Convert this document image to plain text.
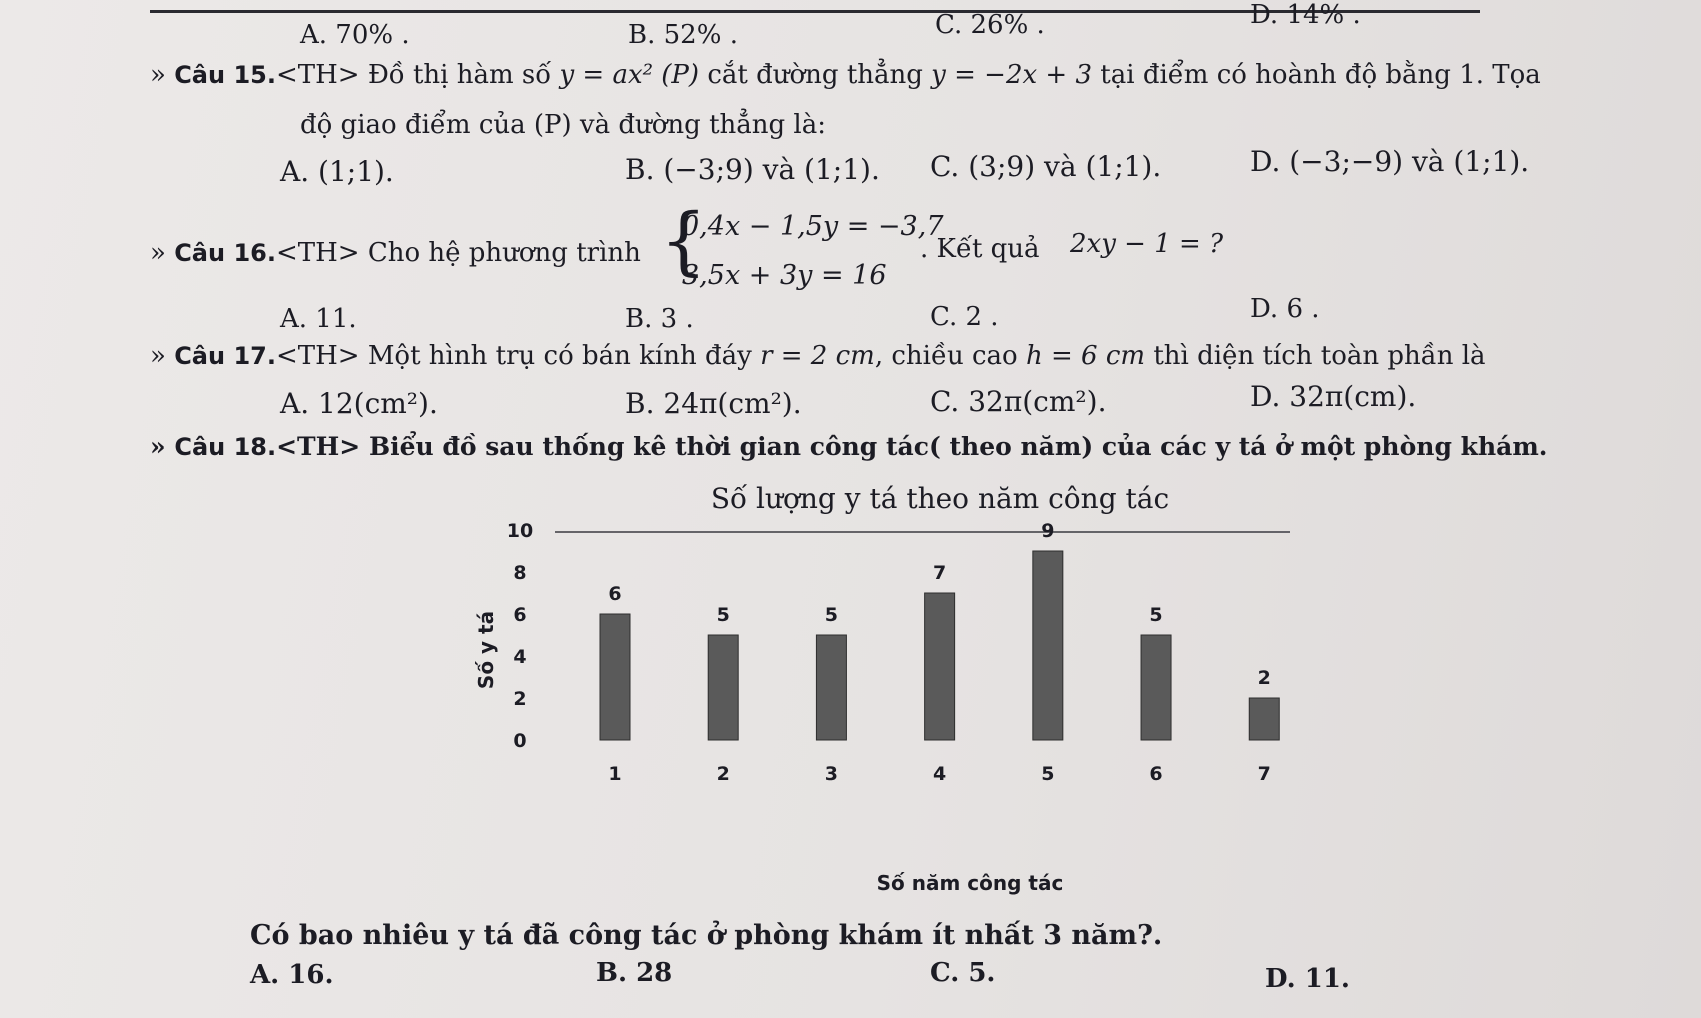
A. 70% .	B. 52% .	C. 26% .	D. 14% .
» Câu 15.<TH> Đồ thị hàm số y = ax² (P) cắt đường thẳng y = −2x + 3 tại điểm có hoành độ bằng 1. Tọa
độ giao điểm của (P) và đường thẳng là:
A. (1;1).	B. (−3;9) và (1;1). C. (3;9) và (1;1).	D. (−3;−9) và (1;1).
» Câu 16.<TH> Cho hệ phương trình {
0,4x − 1,5y = −3,7
3,5x + 3y = 16
. Kết quả 2xy − 1 = ?
A. 11.	B. 3 .	C. 2 .	D. 6 .
» Câu 17.<TH> Một hình trụ có bán kính đáy r = 2 cm, chiều cao h = 6 cm thì diện tích toàn phần là
A. 12(cm²).	B. 24π(cm²).	C. 32π(cm²).	D. 32π(cm).
» Câu 18.<TH> Biểu đồ sau thống kê thời gian công tác( theo năm) của các y tá ở một phòng khám.
Số lượng y tá theo năm công tác
0
2
4
6
8
10
Số y tá
6
5	5
7
9
5
2
1	2	3	4	5	6	7
Số năm công tác
Có bao nhiêu y tá đã công tác ở phòng khám ít nhất 3 năm?.
A. 16.	B. 28	C. 5.	D. 11.
